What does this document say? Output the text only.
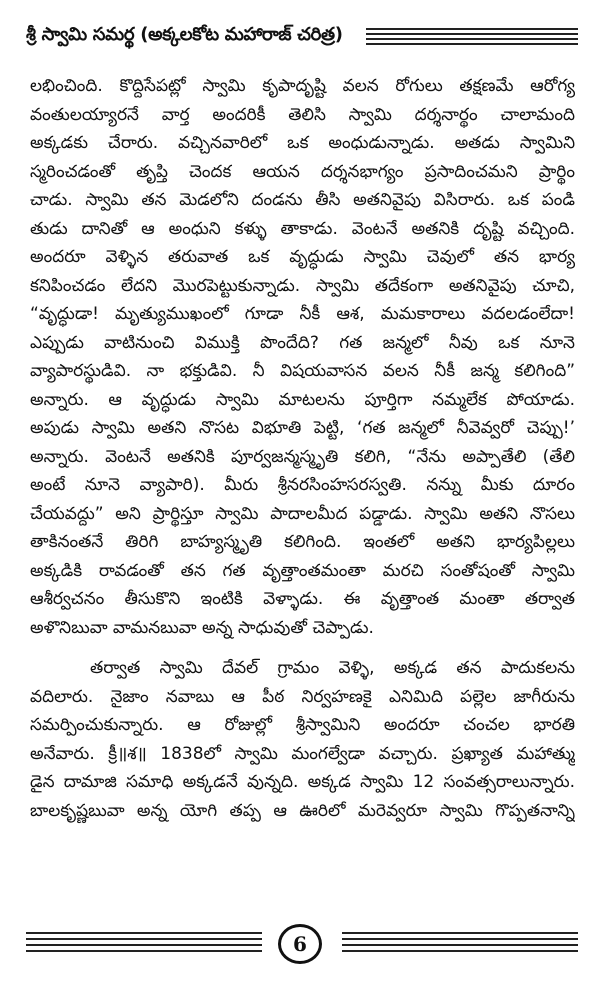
శ్రీ స్వామి సమర్థ (అక్కలకోట మహారాజ్ చరిత్ర)

లభించింది. కొద్దిసేపట్లో స్వామి కృపాదృష్టి వలన రోగులు తక్షణమే ఆరోగ్య

వంతులయ్యారనే వార్త అందరికీ తెలిసి స్వామి దర్శనార్థం చాలామంది

అక్కడకు చేరారు. వచ్చినవారిలో ఒక అంధుడున్నాడు. అతడు స్వామిని

స్మరించడంతో తృప్తి చెందక ఆయన దర్శనభాగ్యం ప్రసాదించమని ప్రార్థిం

చాడు. స్వామి తన మెడలోని దండను తీసి అతనివైపు విసిరారు. ఒక పండి

తుడు దానితో ఆ అంధుని కళ్ళు తాకాడు. వెంటనే అతనికి దృష్టి వచ్చింది.

అందరూ వెళ్ళిన తరువాత ఒక వృద్ధుడు స్వామి చెవులో తన భార్య

కనిపించడం లేదని మొరపెట్టుకున్నాడు. స్వామి తదేకంగా అతనివైపు చూచి,

“వృద్ధుడా! మృత్యుముఖంలో గూడా నీకీ ఆశ, మమకారాలు వదలడంలేదా!

ఎప్పుడు వాటినుంచి విముక్తి పొందేది? గత జన్మలో నీవు ఒక నూనె

వ్యాపారస్థుడివి. నా భక్తుడివి. నీ విషయవాసన వలన నీకీ జన్మ కలిగింది”

అన్నారు. ఆ వృద్ధుడు స్వామి మాటలను పూర్తిగా నమ్మలేక పోయాడు.

అపుడు స్వామి అతని నొసట విభూతి పెట్టి, ‘గత జన్మలో నీవెవ్వరో చెప్పు!’

అన్నారు. వెంటనే అతనికి పూర్వజన్మస్మృతి కలిగి, “నేను అప్పాతేలి (తేలి

అంటే నూనె వ్యాపారి). మీరు శ్రీనరసింహసరస్వతి. నన్ను మీకు దూరం

చేయవద్దు” అని ప్రార్థిస్తూ స్వామి పాదాలమీద పడ్డాడు. స్వామి అతని నొసలు

తాకినంతనే తిరిగి బాహ్యస్మృతి కలిగింది. ఇంతలో అతని భార్యపిల్లలు

అక్కడికి రావడంతో తన గత వృత్తాంతమంతా మరచి సంతోషంతో స్వామి

ఆశీర్వచనం తీసుకొని ఇంటికి వెళ్ళాడు. ఈ వృత్తాంత మంతా తర్వాత

అళొనిబువా వామనబువా అన్న సాధువుతో చెప్పాడు.

తర్వాత స్వామి దేవల్ గ్రామం వెళ్ళి, అక్కడ తన పాదుకలను

వదిలారు. నైజాం నవాబు ఆ పీఠ నిర్వహణకై ఎనిమిది పల్లెల జాగీరును

సమర్పించుకున్నారు. ఆ రోజుల్లో శ్రీస్వామిని అందరూ చంచల భారతి

అనేవారు. క్రీ॥శ॥ 1838లో స్వామి మంగల్వేడా వచ్చారు. ప్రఖ్యాత మహాత్ము

డైన దామాజి సమాధి అక్కడనే వున్నది. అక్కడ స్వామి 12 సంవత్సరాలున్నారు.

బాలకృష్ణబువా అన్న యోగి తప్ప ఆ ఊరిలో మరెవ్వరూ స్వామి గొప్పతనాన్ని

6
